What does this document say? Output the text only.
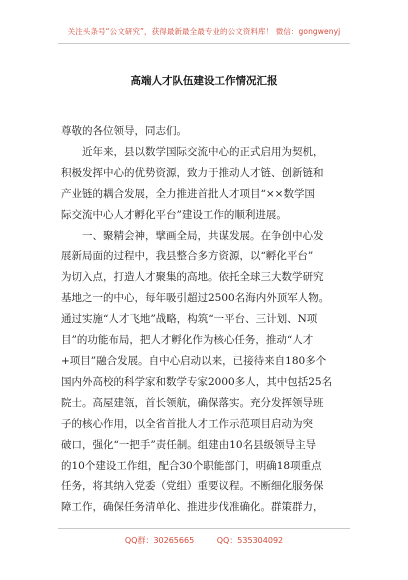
关注头条号“公文研究”，获得最新最全最专业的公文资料库！ 微信：gongwenyj
高端人才队伍建设工作情况汇报
尊敬的各位领导，同志们。
近年来，县以数学国际交流中心的正式启用为契机，
积极发挥中心的优势资源，致力于推动人才链、创新链和
产业链的耦合发展，全力推进首批人才项目“××数学国
际交流中心人才孵化平台”建设工作的顺利进展。
一、聚精会神，擘画全局，共谋发展。在争创中心发
展新局面的过程中，我县整合多方资源，以“孵化平台”
为切入点，打造人才聚集的高地。依托全球三大数学研究
基地之一的中心，每年吸引超过2500名海内外顶军人物。
通过实施“人才飞地”战略，构筑“一平台、三计划、N项
目”的功能布局，把人才孵化作为核心任务，推动“人才
+项目”融合发展。自中心启动以来，已接待来自180多个
国内外高校的科学家和数学专家2000多人，其中包括25名
院士。高屋建瓴，首长领航，确保落实。充分发挥领导班
子的核心作用，以全省首批人才工作示范项目启动为突
破口，强化“一把手”责任制。组建由10名县级领导主导
的10个建设工作组，配合30个职能部门，明确18项重点
任务，将其纳入党委（党组）重要议程。不断细化服务保
障工作，确保任务清单化、推进步伐准确化。群策群力，
QQ群：30265665	QQ：535304092
